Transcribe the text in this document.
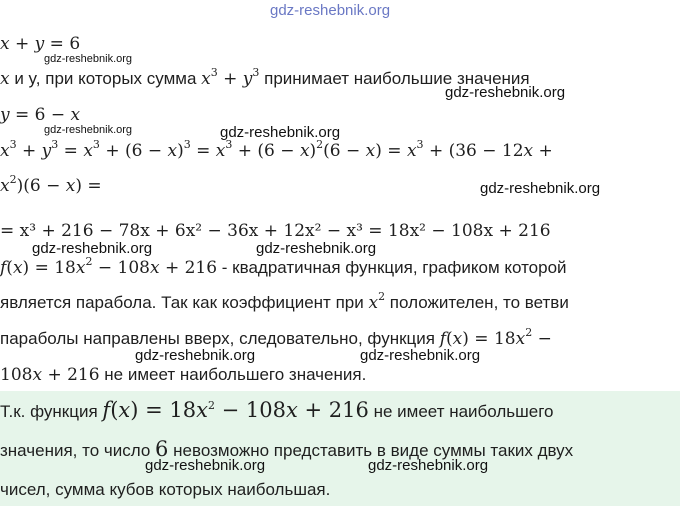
gdz-reshebnik.org
x + y = 6
gdz-reshebnik.org
x и y, при которых сумма $x^3 + y^3$ принимает наибольшие значения
gdz-reshebnik.org
y = 6 − x
gdz-reshebnik.org	gdz-reshebnik.org
$x^3 + y^3 = x^3 + (6 - x)^3 = x^3 + (6 - x)^2(6 - x) = x^3 + (36 - 12x$ +
$x^2)(6 - x)$ =	gdz-reshebnik.org
= x³ + 216 − 78x + 6x² − 36x + 12x² − x³ = 18x² − 108x + 216
gdz-reshebnik.org	gdz-reshebnik.org
$f(x) = 18x^2 - 108x + 216$ - квадратичная функция, графиком которой
является парабола. Так как коэффициент при $x^2$ положителен, то ветви
параболы направлены вверх, следовательно, функция $f(x) = 18x^2$ −
gdz-reshebnik.org	gdz-reshebnik.org
108x + 216 не имеет наибольшего значения.
Т.к. функция $f(x) = 18x^2 - 108x + 216$ не имеет наибольшего
значения, то число 6 невозможно представить в виде суммы таких двух
gdz-reshebnik.org	gdz-reshebnik.org
чисел, сумма кубов которых наибольшая.
